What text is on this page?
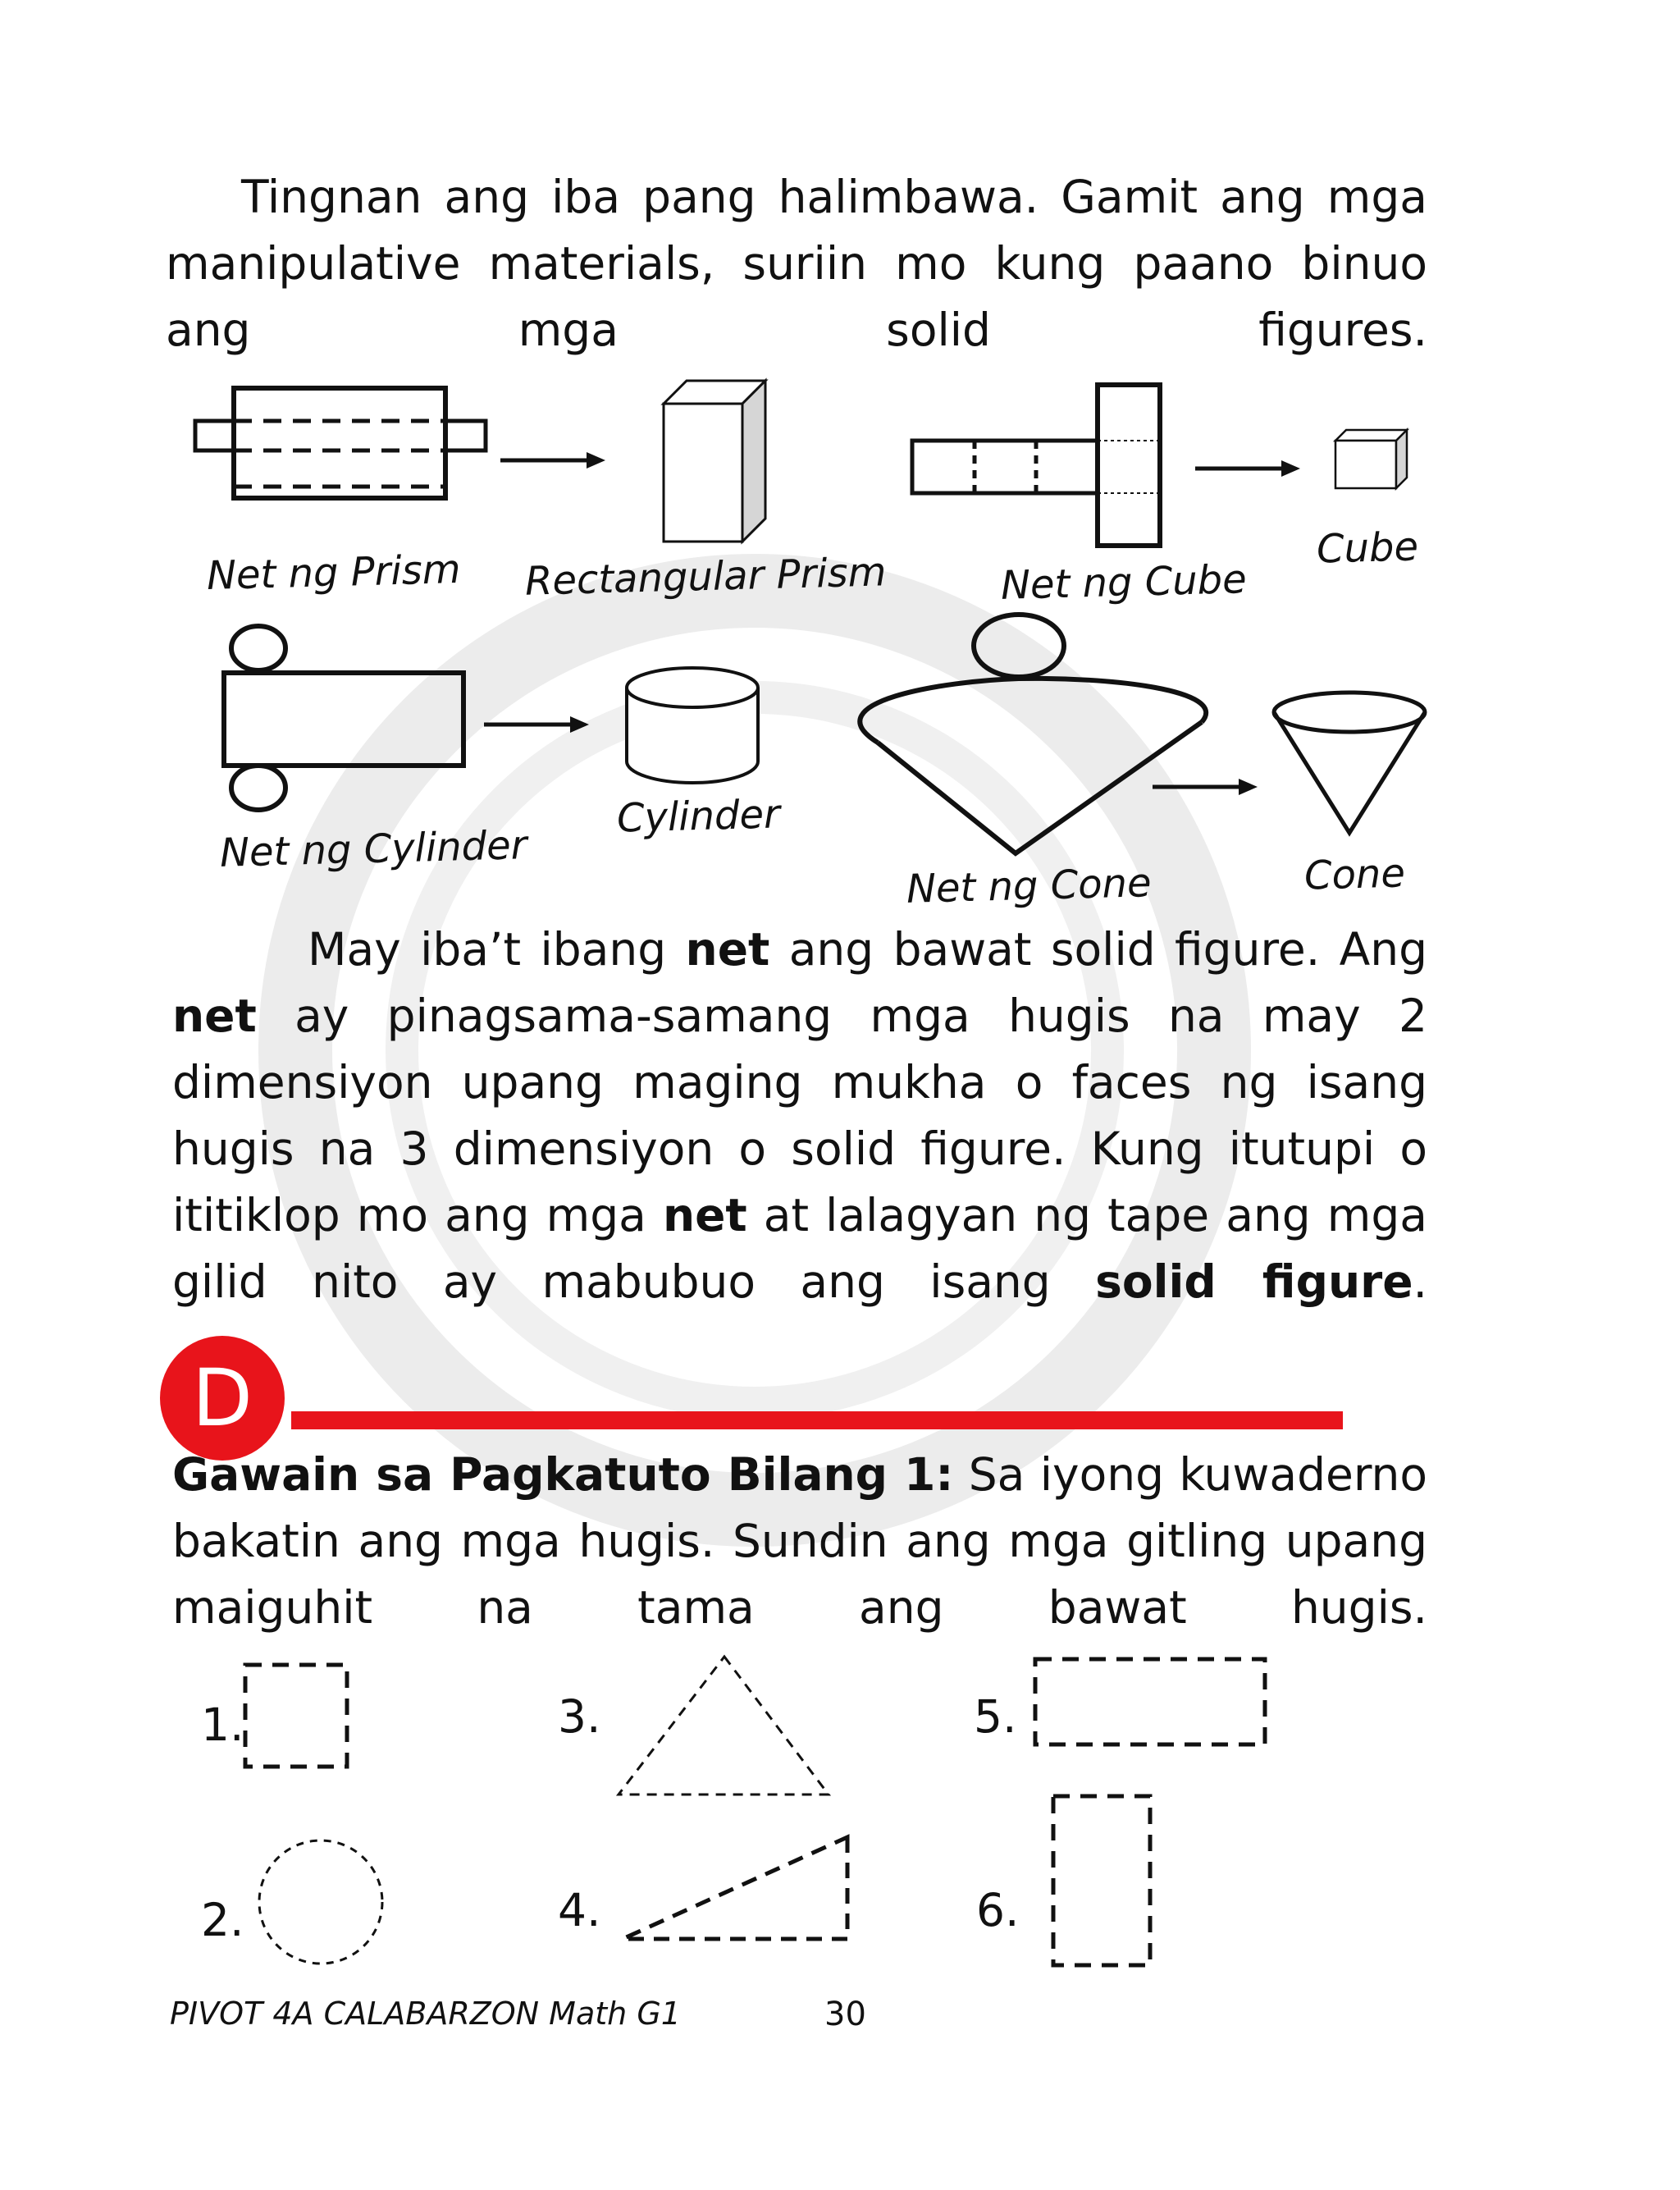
Tingnan ang iba pang halimbawa. Gamit ang mga manipulative materials, suriin mo kung paano binuo ang mga solid figures.

Net ng Prism Rectangular Prism	Net ng Cube
Cube
Net ng Cylinder
Cylinder
Net ng Cone	Cone

May iba’t ibang net ang bawat solid figure. Ang net ay pinagsama-samang mga hugis na may 2 dimensiyon upang maging mukha o faces ng isang hugis na 3 dimensiyon o solid figure. Kung itutupi o ititiklop mo ang mga net at lalagyan ng tape ang mga gilid nito ay mabubuo ang isang solid figure.

D

Gawain sa Pagkatuto Bilang 1: Sa iyong kuwaderno bakatin ang mga hugis. Sundin ang mga gitling upang maiguhit na tama ang bawat hugis.

1.
2.
3.
4.
5.
6.
PIVOT 4A CALABARZON Math G1	30
